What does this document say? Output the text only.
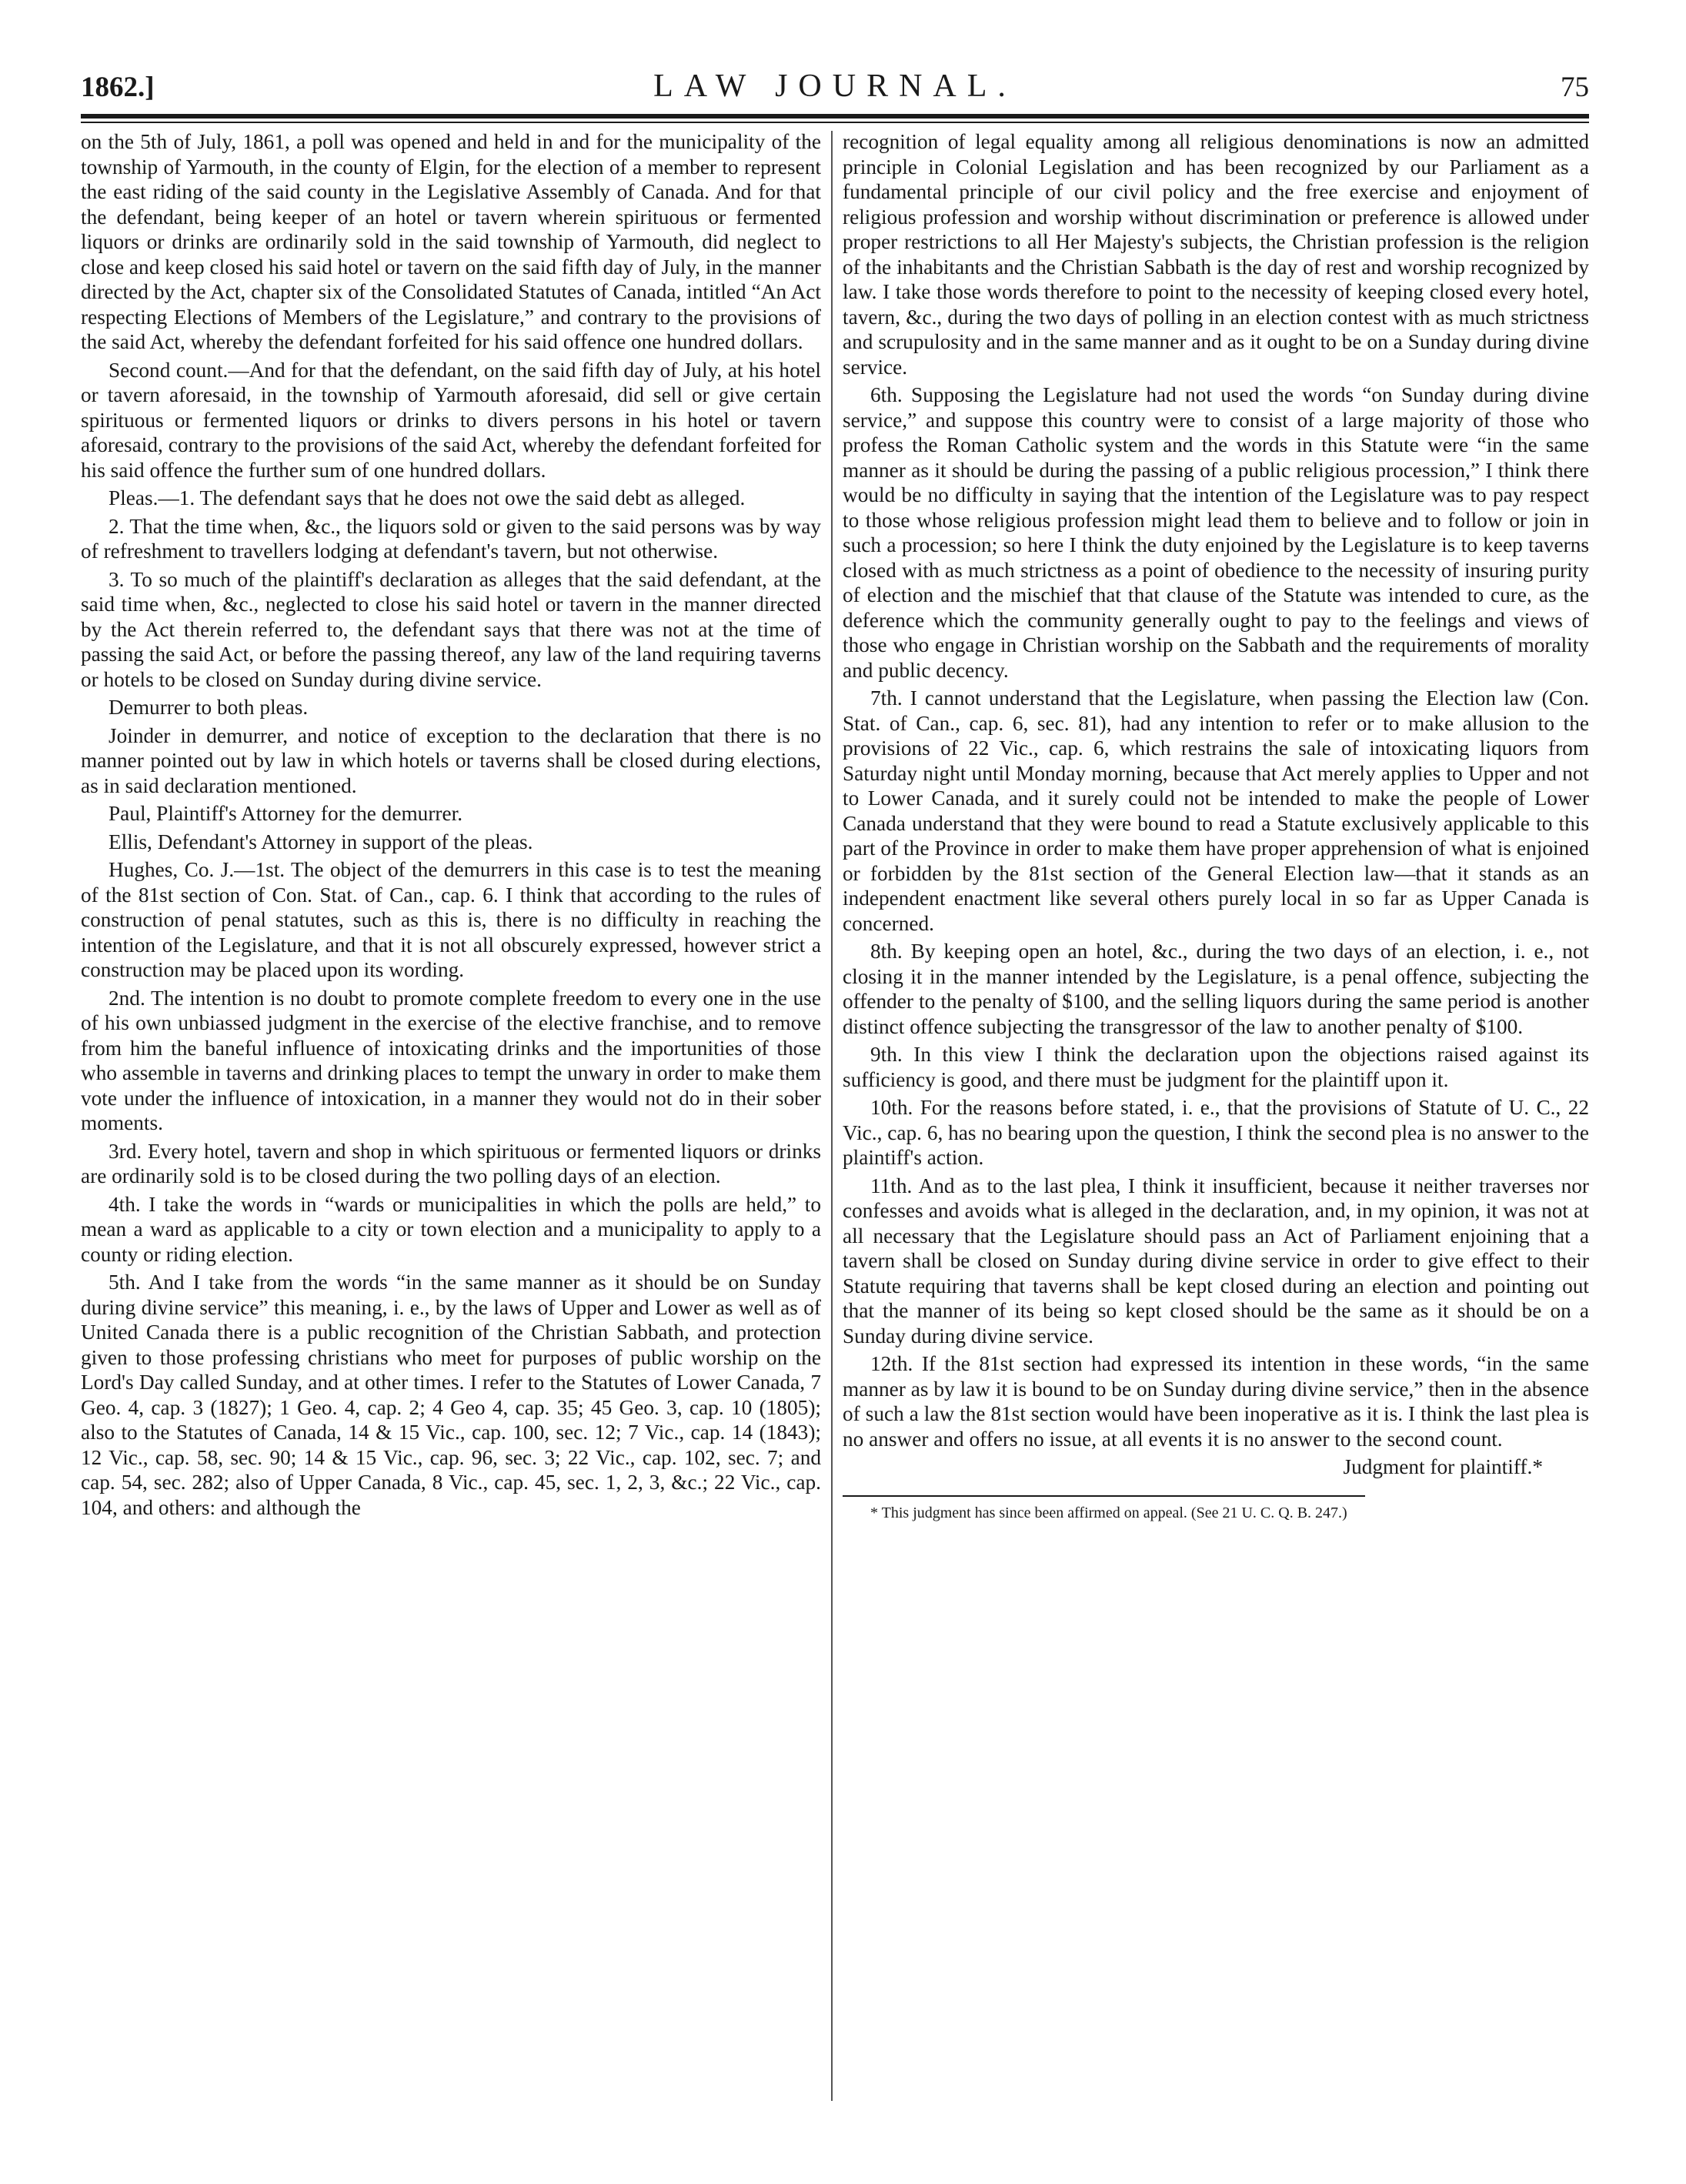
1862.]	LAW JOURNAL.	75

on the 5th of July, 1861, a poll was opened and held in and for the municipality of the township of Yarmouth, in the county of Elgin, for the election of a member to represent the east riding of the said county in the Legislative Assembly of Canada. And for that the defendant, being keeper of an hotel or tavern wherein spirituous or fermented liquors or drinks are ordinarily sold in the said township of Yarmouth, did neglect to close and keep closed his said hotel or tavern on the said fifth day of July, in the manner directed by the Act, chapter six of the Consolidated Statutes of Canada, intitled “An Act respecting Elections of Members of the Legislature,” and contrary to the provisions of the said Act, whereby the defendant forfeited for his said offence one hundred dollars.

Second count.—And for that the defendant, on the said fifth day of July, at his hotel or tavern aforesaid, in the township of Yarmouth aforesaid, did sell or give certain spirituous or fermented liquors or drinks to divers persons in his hotel or tavern aforesaid, contrary to the provisions of the said Act, whereby the defendant forfeited for his said offence the further sum of one hundred dollars.

Pleas.—1. The defendant says that he does not owe the said debt as alleged.

2. That the time when, &c., the liquors sold or given to the said persons was by way of refreshment to travellers lodging at defendant's tavern, but not otherwise.

3. To so much of the plaintiff's declaration as alleges that the said defendant, at the said time when, &c., neglected to close his said hotel or tavern in the manner directed by the Act therein referred to, the defendant says that there was not at the time of passing the said Act, or before the passing thereof, any law of the land requiring taverns or hotels to be closed on Sunday during divine service.

Demurrer to both pleas.

Joinder in demurrer, and notice of exception to the declaration that there is no manner pointed out by law in which hotels or taverns shall be closed during elections, as in said declaration mentioned.

Paul, Plaintiff's Attorney for the demurrer.

Ellis, Defendant's Attorney in support of the pleas.

Hughes, Co. J.—1st. The object of the demurrers in this case is to test the meaning of the 81st section of Con. Stat. of Can., cap. 6. I think that according to the rules of construction of penal statutes, such as this is, there is no difficulty in reaching the intention of the Legislature, and that it is not all obscurely expressed, however strict a construction may be placed upon its wording.

2nd. The intention is no doubt to promote complete freedom to every one in the use of his own unbiassed judgment in the exercise of the elective franchise, and to remove from him the baneful influence of intoxicating drinks and the importunities of those who assemble in taverns and drinking places to tempt the unwary in order to make them vote under the influence of intoxication, in a manner they would not do in their sober moments.

3rd. Every hotel, tavern and shop in which spirituous or fermented liquors or drinks are ordinarily sold is to be closed during the two polling days of an election.

4th. I take the words in “wards or municipalities in which the polls are held,” to mean a ward as applicable to a city or town election and a municipality to apply to a county or riding election.

5th. And I take from the words “in the same manner as it should be on Sunday during divine service” this meaning, i. e., by the laws of Upper and Lower as well as of United Canada there is a public recognition of the Christian Sabbath, and protection given to those professing christians who meet for purposes of public worship on the Lord's Day called Sunday, and at other times. I refer to the Statutes of Lower Canada, 7 Geo. 4, cap. 3 (1827); 1 Geo. 4, cap. 2; 4 Geo 4, cap. 35; 45 Geo. 3, cap. 10 (1805); also to the Statutes of Canada, 14 & 15 Vic., cap. 100, sec. 12; 7 Vic., cap. 14 (1843); 12 Vic., cap. 58, sec. 90; 14 & 15 Vic., cap. 96, sec. 3; 22 Vic., cap. 102, sec. 7; and cap. 54, sec. 282; also of Upper Canada, 8 Vic., cap. 45, sec. 1, 2, 3, &c.; 22 Vic., cap. 104, and others: and although the

recognition of legal equality among all religious denominations is now an admitted principle in Colonial Legislation and has been recognized by our Parliament as a fundamental principle of our civil policy and the free exercise and enjoyment of religious profession and worship without discrimination or preference is allowed under proper restrictions to all Her Majesty's subjects, the Christian profession is the religion of the inhabitants and the Christian Sabbath is the day of rest and worship recognized by law. I take those words therefore to point to the necessity of keeping closed every hotel, tavern, &c., during the two days of polling in an election contest with as much strictness and scrupulosity and in the same manner and as it ought to be on a Sunday during divine service.

6th. Supposing the Legislature had not used the words “on Sunday during divine service,” and suppose this country were to consist of a large majority of those who profess the Roman Catholic system and the words in this Statute were “in the same manner as it should be during the passing of a public religious procession,” I think there would be no difficulty in saying that the intention of the Legislature was to pay respect to those whose religious profession might lead them to believe and to follow or join in such a procession; so here I think the duty enjoined by the Legislature is to keep taverns closed with as much strictness as a point of obedience to the necessity of insuring purity of election and the mischief that that clause of the Statute was intended to cure, as the deference which the community generally ought to pay to the feelings and views of those who engage in Christian worship on the Sabbath and the requirements of morality and public decency.

7th. I cannot understand that the Legislature, when passing the Election law (Con. Stat. of Can., cap. 6, sec. 81), had any intention to refer or to make allusion to the provisions of 22 Vic., cap. 6, which restrains the sale of intoxicating liquors from Saturday night until Monday morning, because that Act merely applies to Upper and not to Lower Canada, and it surely could not be intended to make the people of Lower Canada understand that they were bound to read a Statute exclusively applicable to this part of the Province in order to make them have proper apprehension of what is enjoined or forbidden by the 81st section of the General Election law—that it stands as an independent enactment like several others purely local in so far as Upper Canada is concerned.

8th. By keeping open an hotel, &c., during the two days of an election, i. e., not closing it in the manner intended by the Legislature, is a penal offence, subjecting the offender to the penalty of $100, and the selling liquors during the same period is another distinct offence subjecting the transgressor of the law to another penalty of $100.

9th. In this view I think the declaration upon the objections raised against its sufficiency is good, and there must be judgment for the plaintiff upon it.

10th. For the reasons before stated, i. e., that the provisions of Statute of U. C., 22 Vic., cap. 6, has no bearing upon the question, I think the second plea is no answer to the plaintiff's action.

11th. And as to the last plea, I think it insufficient, because it neither traverses nor confesses and avoids what is alleged in the declaration, and, in my opinion, it was not at all necessary that the Legislature should pass an Act of Parliament enjoining that a tavern shall be closed on Sunday during divine service in order to give effect to their Statute requiring that taverns shall be kept closed during an election and pointing out that the manner of its being so kept closed should be the same as it should be on a Sunday during divine service.

12th. If the 81st section had expressed its intention in these words, “in the same manner as by law it is bound to be on Sunday during divine service,” then in the absence of such a law the 81st section would have been inoperative as it is. I think the last plea is no answer and offers no issue, at all events it is no answer to the second count.

Judgment for plaintiff.*

* This judgment has since been affirmed on appeal. (See 21 U. C. Q. B. 247.)
